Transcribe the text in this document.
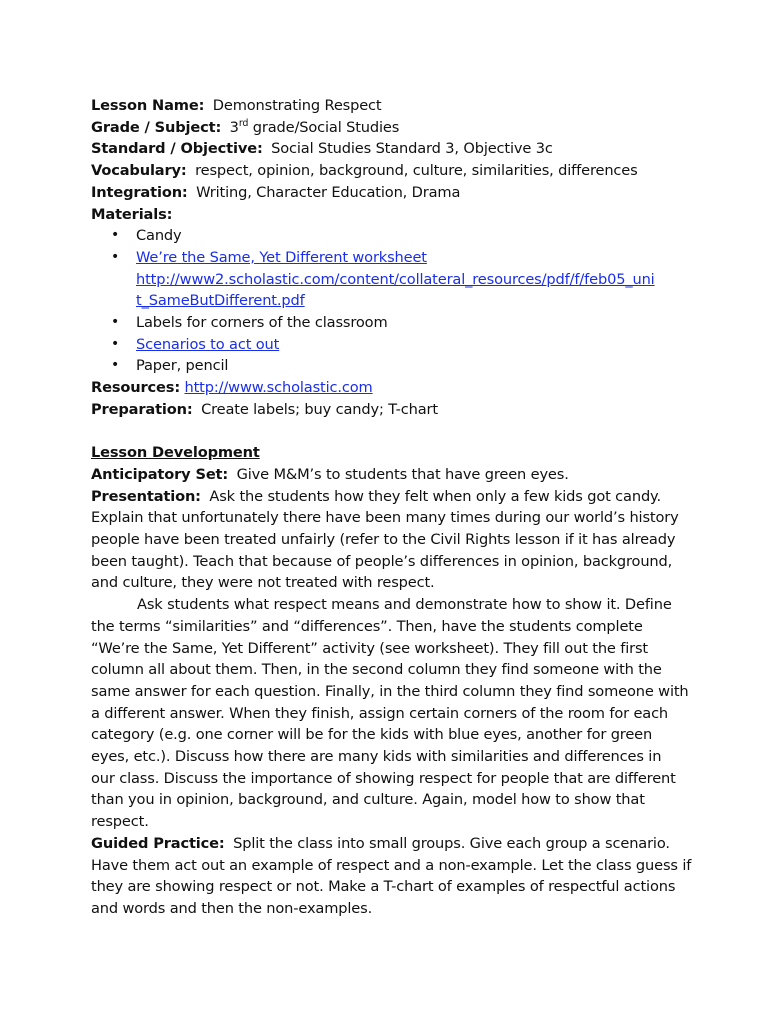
Lesson Name: Demonstrating Respect
Grade / Subject: 3rd grade/Social Studies
Standard / Objective: Social Studies Standard 3, Objective 3c
Vocabulary: respect, opinion, background, culture, similarities, differences
Integration: Writing, Character Education, Drama
Materials:
• Candy
• We’re the Same, Yet Different worksheet
http://www2.scholastic.com/content/collateral_resources/pdf/f/feb05_uni
t_SameButDifferent.pdf
• Labels for corners of the classroom
• Scenarios to act out
• Paper, pencil
Resources: http://www.scholastic.com
Preparation: Create labels; buy candy; T-chart
Lesson Development
Anticipatory Set: Give M&M’s to students that have green eyes.
Presentation: Ask the students how they felt when only a few kids got candy.
Explain that unfortunately there have been many times during our world’s history
people have been treated unfairly (refer to the Civil Rights lesson if it has already
been taught). Teach that because of people’s differences in opinion, background,
and culture, they were not treated with respect.
Ask students what respect means and demonstrate how to show it. Define
the terms “similarities” and “differences”. Then, have the students complete
“We’re the Same, Yet Different” activity (see worksheet). They fill out the first
column all about them. Then, in the second column they find someone with the
same answer for each question. Finally, in the third column they find someone with
a different answer. When they finish, assign certain corners of the room for each
category (e.g. one corner will be for the kids with blue eyes, another for green
eyes, etc.). Discuss how there are many kids with similarities and differences in
our class. Discuss the importance of showing respect for people that are different
than you in opinion, background, and culture. Again, model how to show that
respect.
Guided Practice: Split the class into small groups. Give each group a scenario.
Have them act out an example of respect and a non-example. Let the class guess if
they are showing respect or not. Make a T-chart of examples of respectful actions
and words and then the non-examples.
